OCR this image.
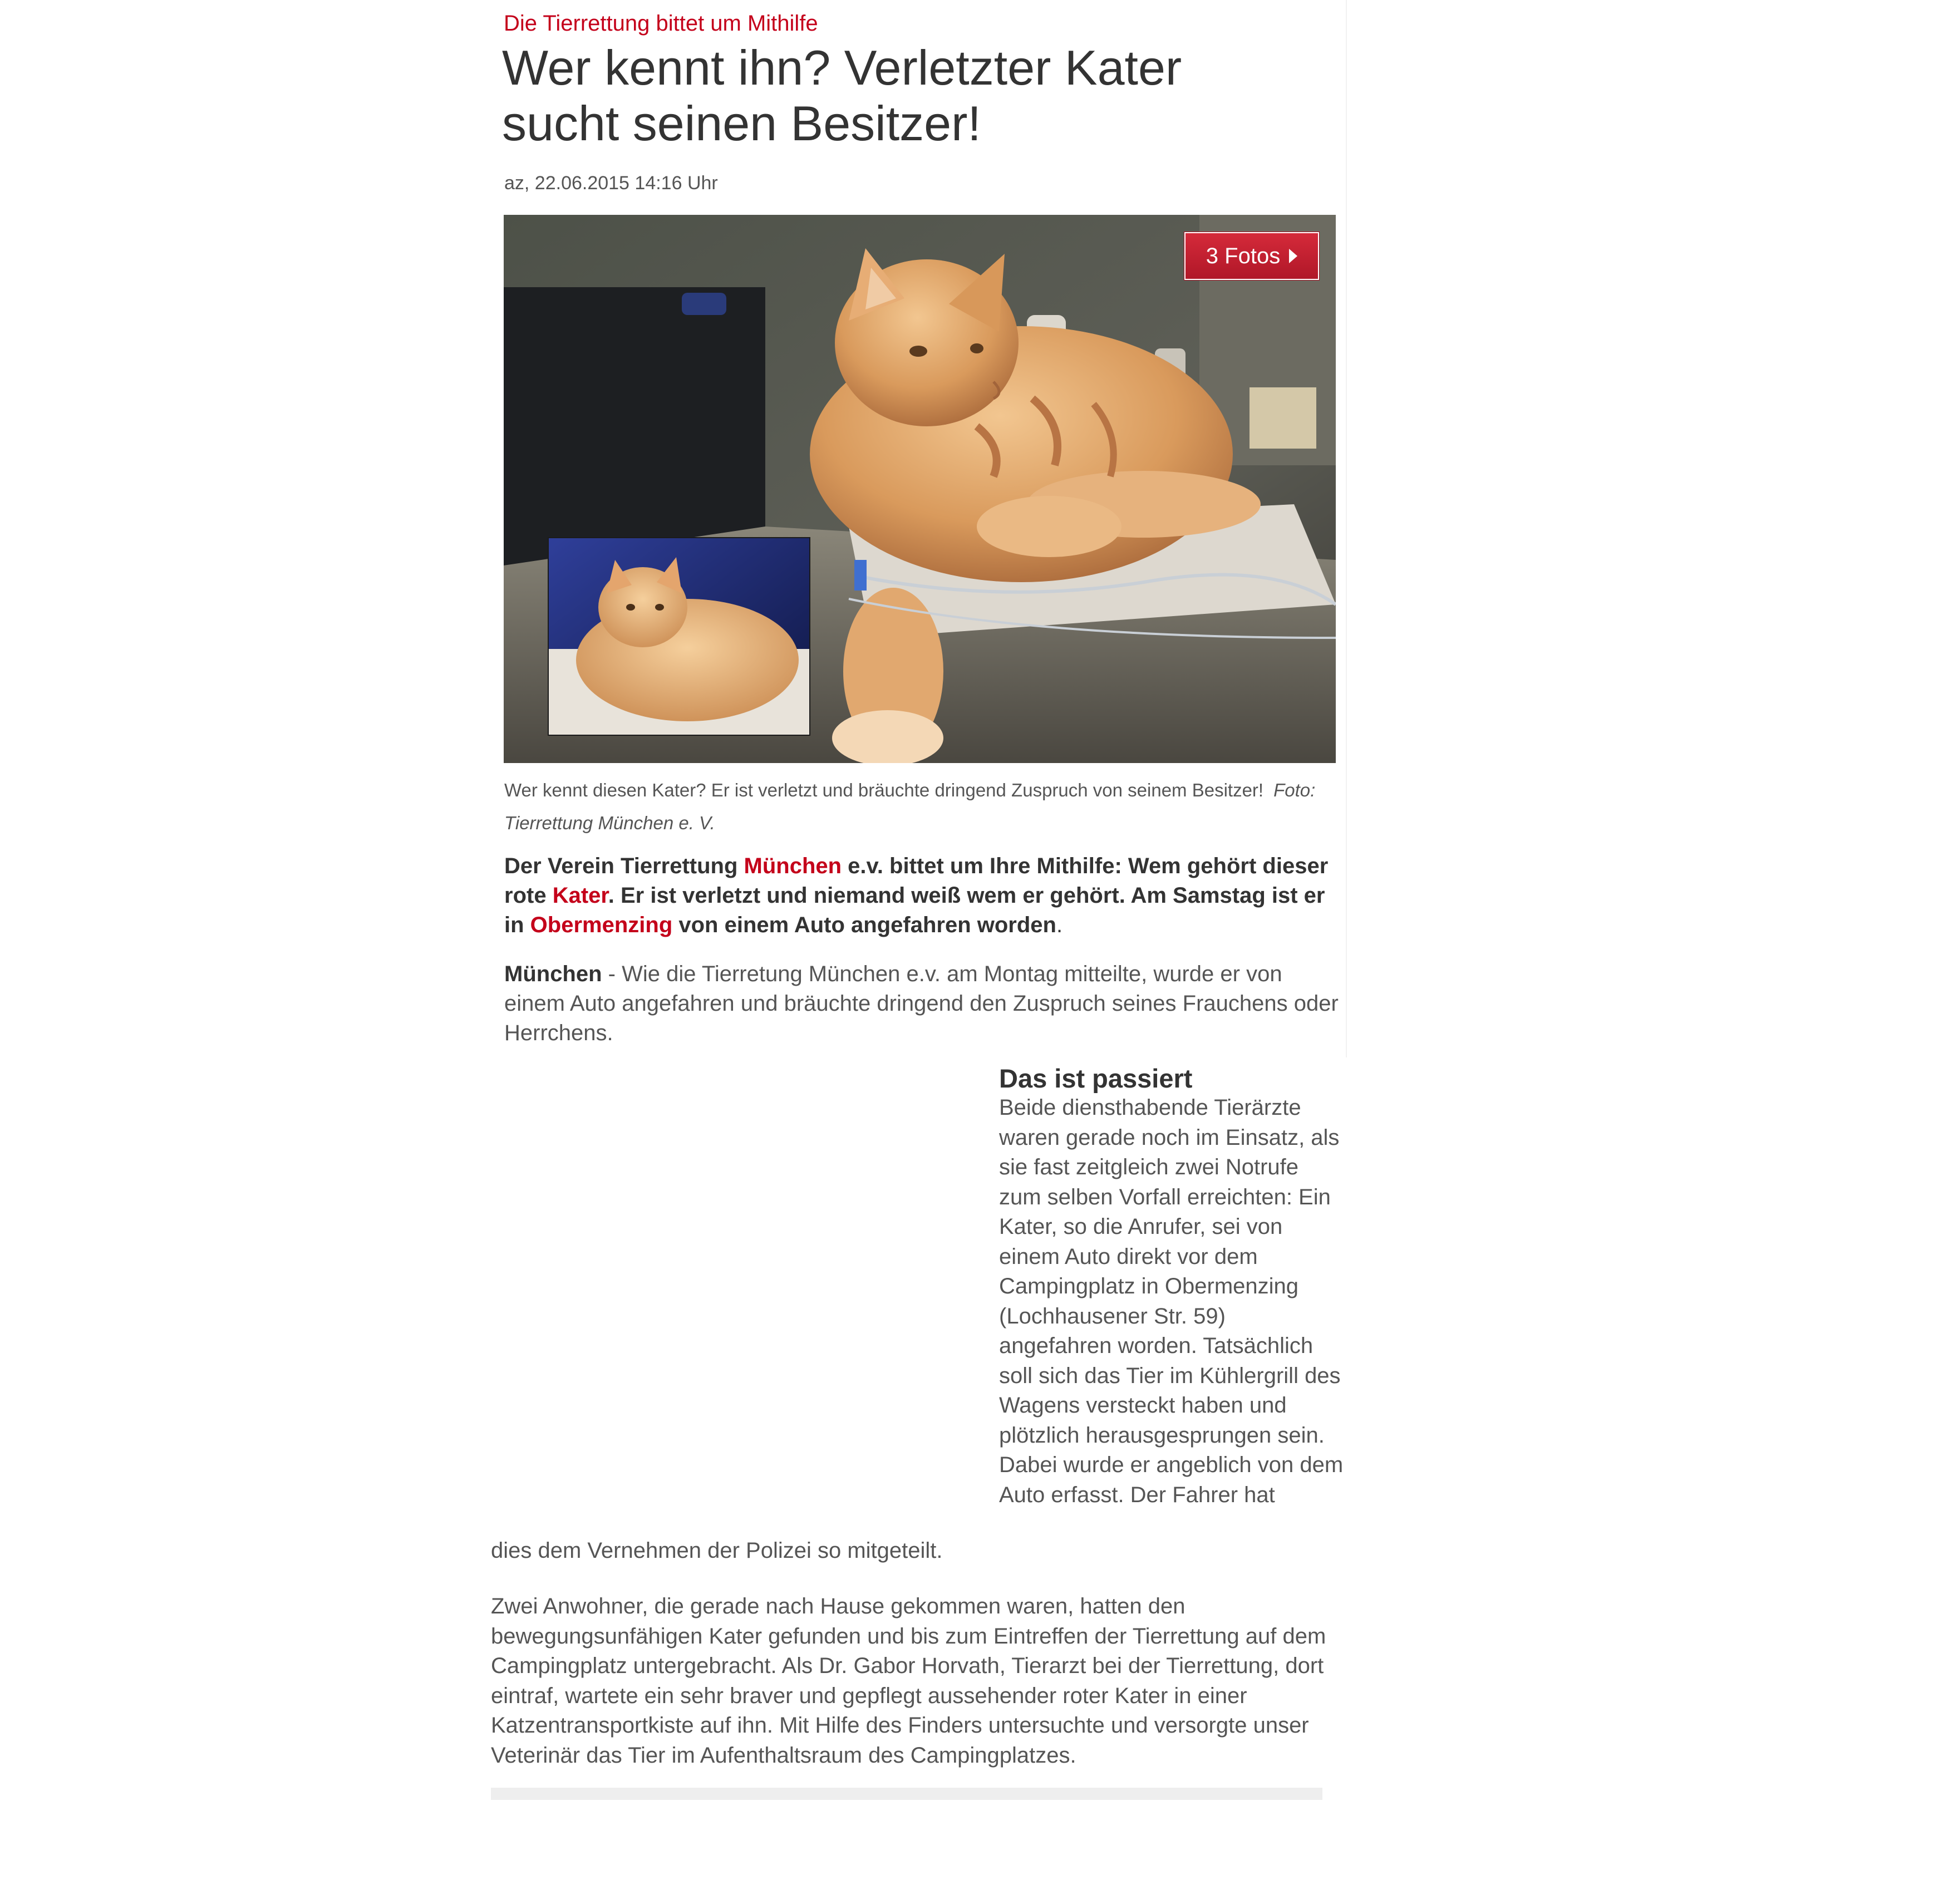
Die Tierrettung bittet um Mithilfe
Wer kennt ihn? Verletzter Kater
sucht seinen Besitzer!
az, 22.06.2015 14:16 Uhr
3 Fotos
Wer kennt diesen Kater? Er ist verletzt und bräuchte dringend Zuspruch von seinem Besitzer! Foto: Tierrettung München e. V.
Der Verein Tierrettung München e.v. bittet um Ihre Mithilfe: Wem gehört dieser rote Kater. Er ist verletzt und niemand weiß wem er gehört. Am Samstag ist er in Obermenzing von einem Auto angefahren worden.
München - Wie die Tierretung München e.v. am Montag mitteilte, wurde er von einem Auto angefahren und bräuchte dringend den Zuspruch seines Frauchens oder Herrchens.
Das ist passiert
Beide diensthabende Tierärzte waren gerade noch im Einsatz, als sie fast zeitgleich zwei Notrufe zum selben Vorfall erreichten: Ein Kater, so die Anrufer, sei von einem Auto direkt vor dem Campingplatz in Obermenzing (Lochhausener Str. 59) angefahren worden. Tatsächlich soll sich das Tier im Kühlergrill des Wagens versteckt haben und plötzlich herausgesprungen sein. Dabei wurde er angeblich von dem Auto erfasst. Der Fahrer hat
dies dem Vernehmen der Polizei so mitgeteilt.
Zwei Anwohner, die gerade nach Hause gekommen waren, hatten den bewegungsunfähigen Kater gefunden und bis zum Eintreffen der Tierrettung auf dem Campingplatz untergebracht. Als Dr. Gabor Horvath, Tierarzt bei der Tierrettung, dort eintraf, wartete ein sehr braver und gepflegt aussehender roter Kater in einer Katzentransportkiste auf ihn. Mit Hilfe des Finders untersuchte und versorgte unser Veterinär das Tier im Aufenthaltsraum des Campingplatzes.
